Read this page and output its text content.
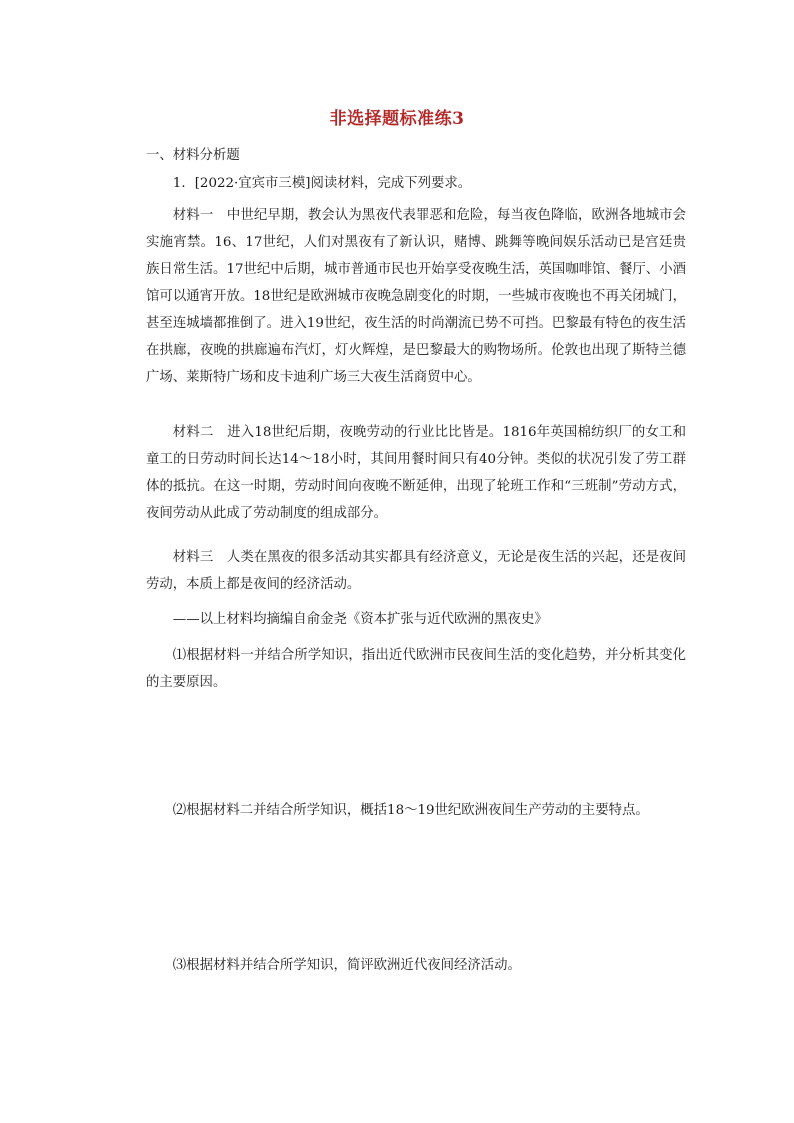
非选择题标准练3

一、材料分析题

1．[2022·宜宾市三模]阅读材料，完成下列要求。

材料一　中世纪早期，教会认为黑夜代表罪恶和危险，每当夜色降临，欧洲各地城市会实施宵禁。16、17世纪，人们对黑夜有了新认识，赌博、跳舞等晚间娱乐活动已是宫廷贵族日常生活。17世纪中后期，城市普通市民也开始享受夜晚生活，英国咖啡馆、餐厅、小酒馆可以通宵开放。18世纪是欧洲城市夜晚急剧变化的时期，一些城市夜晚也不再关闭城门，甚至连城墙都推倒了。进入19世纪，夜生活的时尚潮流已势不可挡。巴黎最有特色的夜生活在拱廊，夜晚的拱廊遍布汽灯，灯火辉煌，是巴黎最大的购物场所。伦敦也出现了斯特兰德广场、莱斯特广场和皮卡迪利广场三大夜生活商贸中心。

材料二　进入18世纪后期，夜晚劳动的行业比比皆是。1816年英国棉纺织厂的女工和童工的日劳动时间长达14～18小时，其间用餐时间只有40分钟。类似的状况引发了劳工群体的抵抗。在这一时期，劳动时间向夜晚不断延伸，出现了轮班工作和“三班制”劳动方式，夜间劳动从此成了劳动制度的组成部分。

材料三　人类在黑夜的很多活动其实都具有经济意义，无论是夜生活的兴起，还是夜间劳动，本质上都是夜间的经济活动。

——以上材料均摘编自俞金尧《资本扩张与近代欧洲的黑夜史》

⑴根据材料一并结合所学知识，指出近代欧洲市民夜间生活的变化趋势，并分析其变化的主要原因。

⑵根据材料二并结合所学知识，概括18～19世纪欧洲夜间生产劳动的主要特点。

⑶根据材料并结合所学知识，简评欧洲近代夜间经济活动。
